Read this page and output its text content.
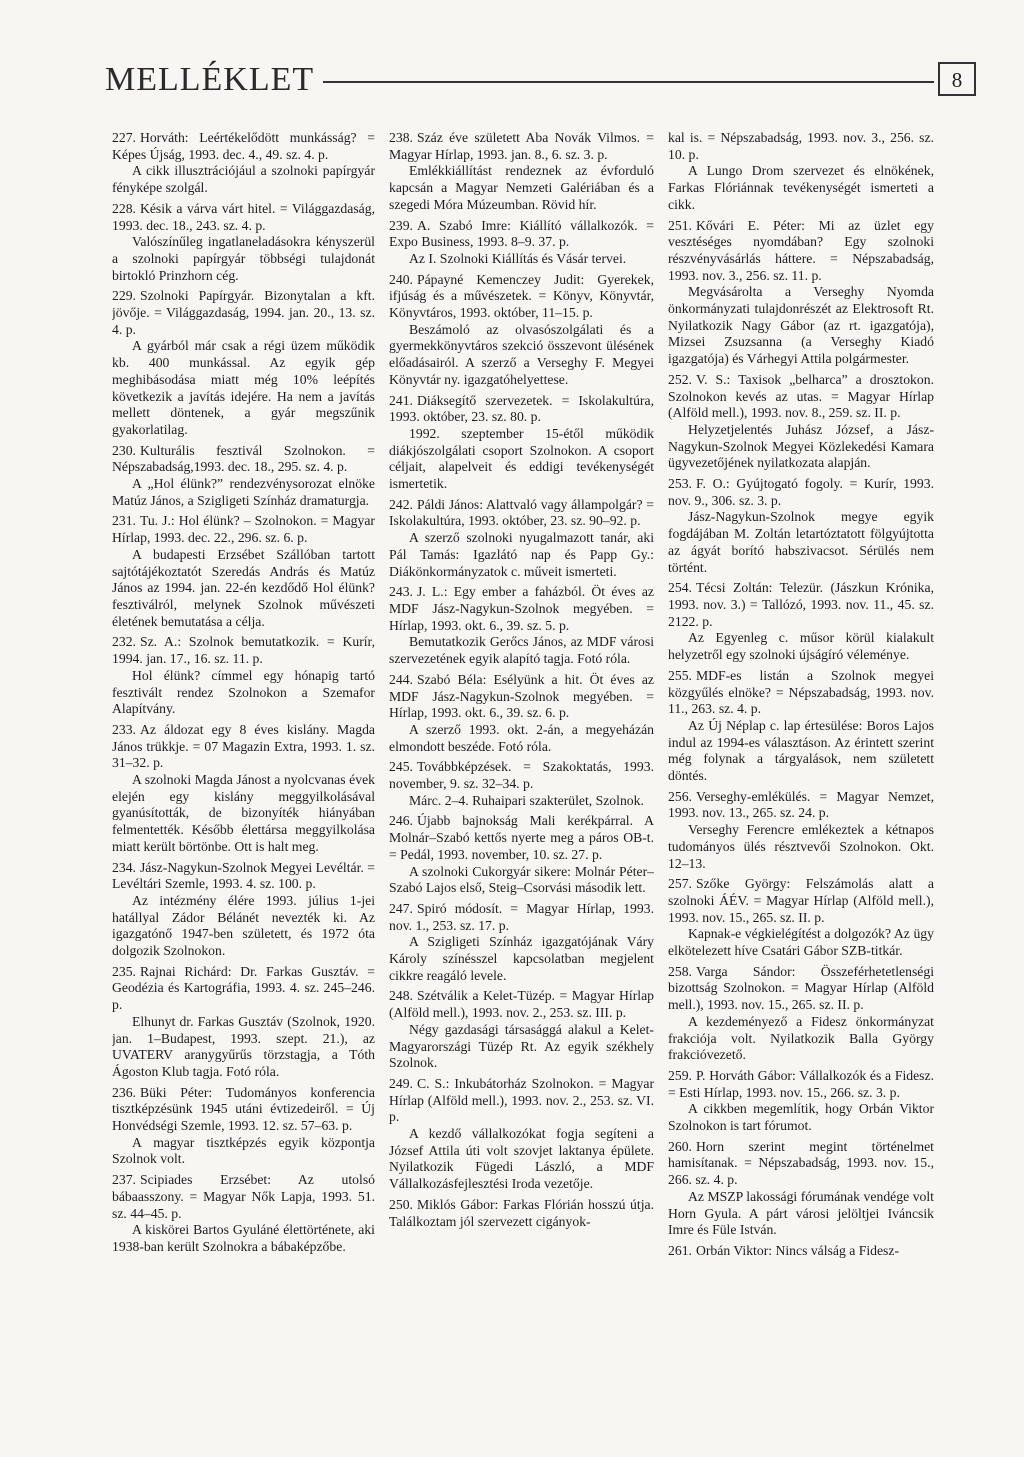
MELLÉKLET	8

227. Horváth: Leértékelődött munkásság? = Képes Újság, 1993. dec. 4., 49. sz. 4. p.

A cikk illusztrációjául a szolnoki papírgyár fényképe szolgál.

228. Késik a várva várt hitel. = Világgazdaság, 1993. dec. 18., 243. sz. 4. p.

Valószínűleg ingatlaneladásokra kényszerül a szolnoki papírgyár többségi tulajdonát birtokló Prinzhorn cég.

229. Szolnoki Papírgyár. Bizonytalan a kft. jövője. = Világgazdaság, 1994. jan. 20., 13. sz. 4. p.

A gyárból már csak a régi üzem működik kb. 400 munkással. Az egyik gép meghibásodása miatt még 10% leépítés következik a javítás idejére. Ha nem a javítás mellett döntenek, a gyár megszűnik gyakorlatilag.

230. Kulturális fesztivál Szolnokon. = Népszabadság,1993. dec. 18., 295. sz. 4. p.

A „Hol élünk?” rendezvénysorozat elnöke Matúz János, a Szigligeti Színház dramaturgja.

231. Tu. J.: Hol élünk? – Szolnokon. = Magyar Hírlap, 1993. dec. 22., 296. sz. 6. p.

A budapesti Erzsébet Szállóban tartott sajtótájékoztatót Szeredás András és Matúz János az 1994. jan. 22-én kezdődő Hol élünk? fesztiválról, melynek Szolnok művészeti életének bemutatása a célja.

232. Sz. A.: Szolnok bemutatkozik. = Kurír, 1994. jan. 17., 16. sz. 11. p.

Hol élünk? címmel egy hónapig tartó fesztivált rendez Szolnokon a Szemafor Alapítvány.

233. Az áldozat egy 8 éves kislány. Magda János trükkje. = 07 Magazin Extra, 1993. 1. sz. 31–32. p.

A szolnoki Magda Jánost a nyolcvanas évek elején egy kislány meggyilkolásával gyanúsították, de bizonyíték hiányában felmentették. Később élettársa meggyilkolása miatt került börtönbe. Ott is halt meg.

234. Jász-Nagykun-Szolnok Megyei Levéltár. = Levéltári Szemle, 1993. 4. sz. 100. p.

Az intézmény élére 1993. július 1-jei hatállyal Zádor Bélánét nevezték ki. Az igazgatónő 1947-ben született, és 1972 óta dolgozik Szolnokon.

235. Rajnai Richárd: Dr. Farkas Gusztáv. = Geodézia és Kartográfia, 1993. 4. sz. 245–246. p.

Elhunyt dr. Farkas Gusztáv (Szolnok, 1920. jan. 1–Budapest, 1993. szept. 21.), az UVATERV aranygyűrűs törzstagja, a Tóth Ágoston Klub tagja. Fotó róla.

236. Büki Péter: Tudományos konferencia tisztképzésünk 1945 utáni évtizedeiről. = Új Honvédségi Szemle, 1993. 12. sz. 57–63. p.

A magyar tisztképzés egyik központja Szolnok volt.

237. Scipiades Erzsébet: Az utolsó bábaasszony. = Magyar Nők Lapja, 1993. 51. sz. 44–45. p.

A kiskörei Bartos Gyuláné élettörténete, aki 1938-ban került Szolnokra a bábaképzőbe.

238. Száz éve született Aba Novák Vilmos. = Magyar Hírlap, 1993. jan. 8., 6. sz. 3. p.

Emlékkiállítást rendeznek az évforduló kapcsán a Magyar Nemzeti Galériában és a szegedi Móra Múzeumban. Rövid hír.

239. A. Szabó Imre: Kiállító vállalkozók. = Expo Business, 1993. 8–9. 37. p.

Az I. Szolnoki Kiállítás és Vásár tervei.

240. Pápayné Kemenczey Judit: Gyerekek, ifjúság és a művészetek. = Könyv, Könyvtár, Könyvtáros, 1993. október, 11–15. p.

Beszámoló az olvasószolgálati és a gyermekkönyvtáros szekció összevont ülésének előadásairól. A szerző a Verseghy F. Megyei Könyvtár ny. igazgatóhelyettese.

241. Diáksegítő szervezetek. = Iskolakultúra, 1993. október, 23. sz. 80. p.

1992. szeptember 15-étől működik diákjószolgálati csoport Szolnokon. A csoport céljait, alapelveit és eddigi tevékenységét ismertetik.

242. Páldi János: Alattvaló vagy állampolgár? = Iskolakultúra, 1993. október, 23. sz. 90–92. p.

A szerző szolnoki nyugalmazott tanár, aki Pál Tamás: Igazlátó nap és Papp Gy.: Diákönkormányzatok c. műveit ismerteti.

243. J. L.: Egy ember a faházból. Öt éves az MDF Jász-Nagykun-Szolnok megyében. = Hírlap, 1993. okt. 6., 39. sz. 5. p.

Bemutatkozik Gerőcs János, az MDF városi szervezetének egyik alapító tagja. Fotó róla.

244. Szabó Béla: Esélyünk a hit. Öt éves az MDF Jász-Nagykun-Szolnok megyében. = Hírlap, 1993. okt. 6., 39. sz. 6. p.

A szerző 1993. okt. 2-án, a megyeházán elmondott beszéde. Fotó róla.

245. Továbbképzések. = Szakoktatás, 1993. november, 9. sz. 32–34. p.

Márc. 2–4. Ruhaipari szakterület, Szolnok.

246. Újabb bajnokság Mali kerékpárral. A Molnár–Szabó kettős nyerte meg a páros OB-t. = Pedál, 1993. november, 10. sz. 27. p.

A szolnoki Cukorgyár sikere: Molnár Péter–Szabó Lajos első, Steig–Csorvási második lett.

247. Spiró módosít. = Magyar Hírlap, 1993. nov. 1., 253. sz. 17. p.

A Szigligeti Színház igazgatójának Váry Károly színésszel kapcsolatban megjelent cikkre reagáló levele.

248. Szétválik a Kelet-Tüzép. = Magyar Hírlap (Alföld mell.), 1993. nov. 2., 253. sz. III. p.

Négy gazdasági társasággá alakul a Kelet-Magyarországi Tüzép Rt. Az egyik székhely Szolnok.

249. C. S.: Inkubátorház Szolnokon. = Magyar Hírlap (Alföld mell.), 1993. nov. 2., 253. sz. VI. p.

A kezdő vállalkozókat fogja segíteni a József Attila úti volt szovjet laktanya épülete. Nyilatkozik Fügedi László, a MDF Vállalkozásfejlesztési Iroda vezetője.

250. Miklós Gábor: Farkas Flórián hosszú útja. Találkoztam jól szervezett cigányok-

kal is. = Népszabadság, 1993. nov. 3., 256. sz. 10. p.

A Lungo Drom szervezet és elnökének, Farkas Flóriánnak tevékenységét ismerteti a cikk.

251. Kővári E. Péter: Mi az üzlet egy vesztéséges nyomdában? Egy szolnoki részvényvásárlás háttere. = Népszabadság, 1993. nov. 3., 256. sz. 11. p.

Megvásárolta a Verseghy Nyomda önkormányzati tulajdonrészét az Elektrosoft Rt. Nyilatkozik Nagy Gábor (az rt. igazgatója), Mizsei Zsuzsanna (a Verseghy Kiadó igazgatója) és Várhegyi Attila polgármester.

252. V. S.: Taxisok „belharca” a drosztokon. Szolnokon kevés az utas. = Magyar Hírlap (Alföld mell.), 1993. nov. 8., 259. sz. II. p.

Helyzetjelentés Juhász József, a Jász-Nagykun-Szolnok Megyei Közlekedési Kamara ügyvezetőjének nyilatkozata alapján.

253. F. O.: Gyújtogató fogoly. = Kurír, 1993. nov. 9., 306. sz. 3. p.

Jász-Nagykun-Szolnok megye egyik fogdájában M. Zoltán letartóztatott fölgyújtotta az ágyát borító habszivacsot. Sérülés nem történt.

254. Técsi Zoltán: Telezür. (Jászkun Krónika, 1993. nov. 3.) = Tallózó, 1993. nov. 11., 45. sz. 2122. p.

Az Egyenleg c. műsor körül kialakult helyzetről egy szolnoki újságíró véleménye.

255. MDF-es listán a Szolnok megyei közgyűlés elnöke? = Népszabadság, 1993. nov. 11., 263. sz. 4. p.

Az Új Néplap c. lap értesülése: Boros Lajos indul az 1994-es választáson. Az érintett szerint még folynak a tárgyalások, nem született döntés.

256. Verseghy-emlékülés. = Magyar Nemzet, 1993. nov. 13., 265. sz. 24. p.

Verseghy Ferencre emlékeztek a kétnapos tudományos ülés résztvevői Szolnokon. Okt. 12–13.

257. Szőke György: Felszámolás alatt a szolnoki ÁÉV. = Magyar Hírlap (Alföld mell.), 1993. nov. 15., 265. sz. II. p.

Kapnak-e végkielégítést a dolgozók? Az ügy elkötelezett híve Csatári Gábor SZB-titkár.

258. Varga Sándor: Összeférhetetlenségi bizottság Szolnokon. = Magyar Hírlap (Alföld mell.), 1993. nov. 15., 265. sz. II. p.

A kezdeményező a Fidesz önkormányzat frakciója volt. Nyilatkozik Balla György frakcióvezető.

259. P. Horváth Gábor: Vállalkozók és a Fidesz. = Esti Hírlap, 1993. nov. 15., 266. sz. 3. p.

A cikkben megemlítik, hogy Orbán Viktor Szolnokon is tart fórumot.

260. Horn szerint megint történelmet hamisítanak. = Népszabadság, 1993. nov. 15., 266. sz. 4. p.

Az MSZP lakossági fórumának vendége volt Horn Gyula. A párt városi jelöltjei Iváncsik Imre és Füle István.

261. Orbán Viktor: Nincs válság a Fidesz-
